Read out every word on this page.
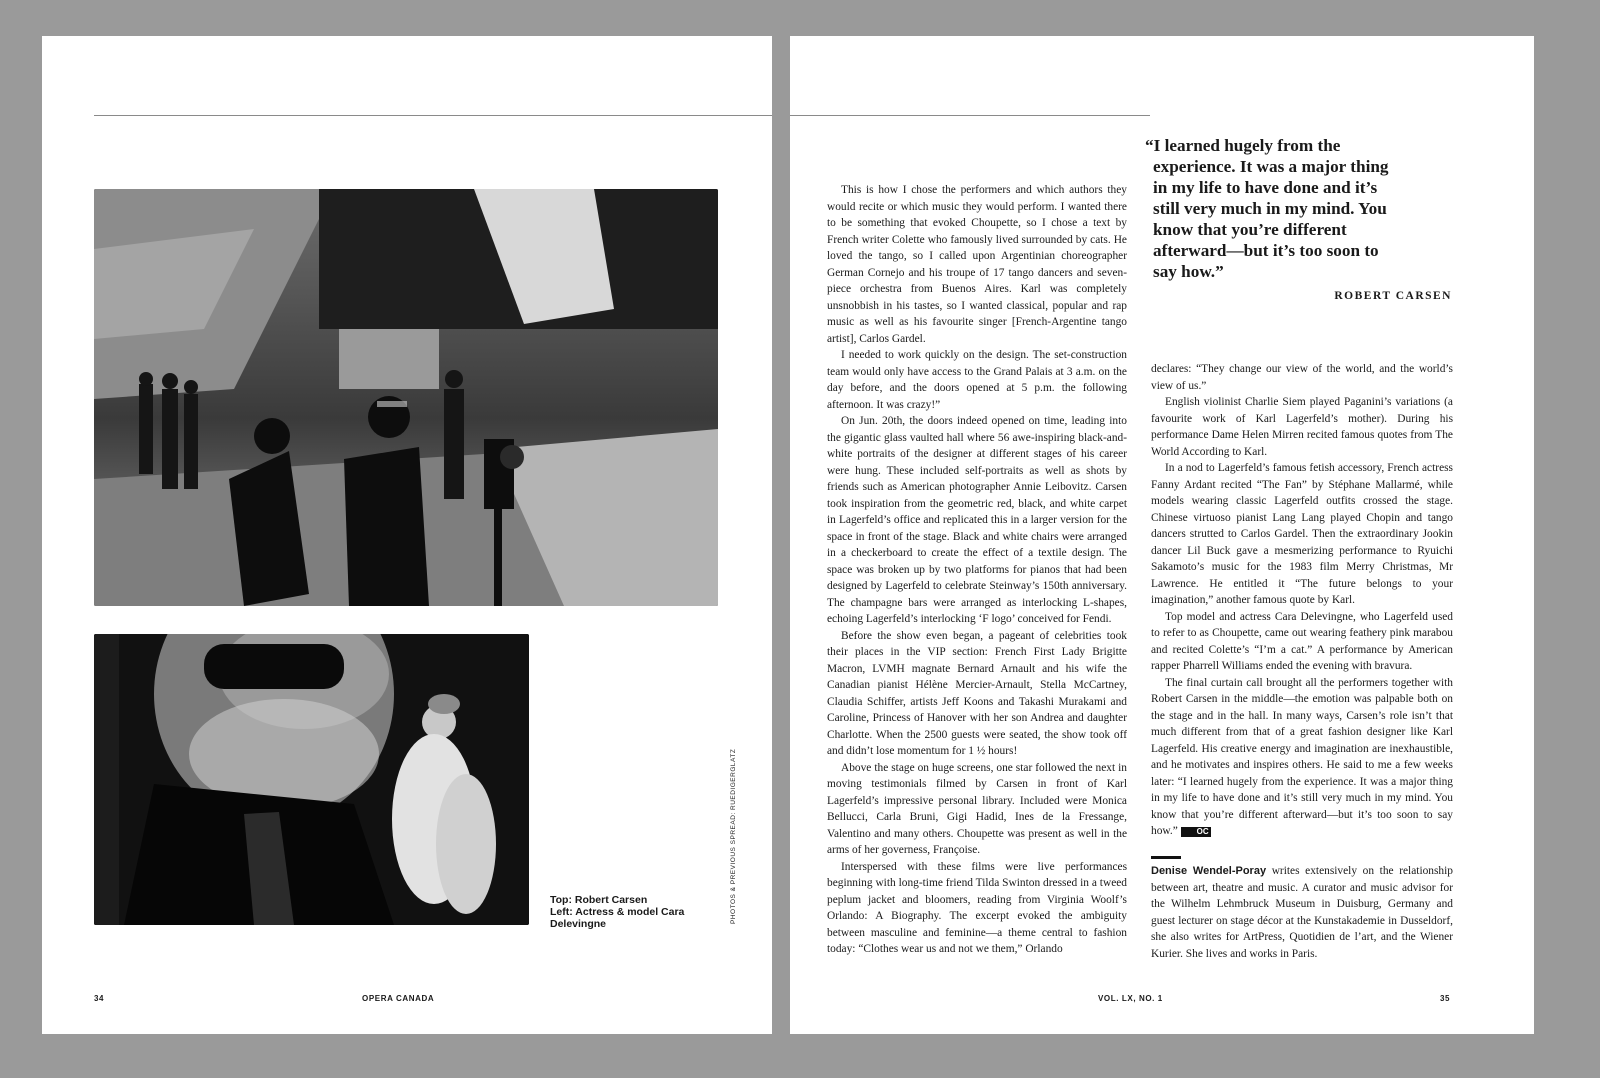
Top: Robert Carsen
Left: Actress & model Cara Delevingne	PHOTOS & PREVIOUS SPREAD: RUEDIGERGLATZ
34	OPERA CANADA
“I learned hugely from the experience. It was a major thing in my life to have done and it’s still very much in my mind. You know that you’re different afterward—but it’s too soon to say how.”
ROBERT CARSEN

This is how I chose the performers and which authors they would recite or which music they would perform. I wanted there to be something that evoked Choupette, so I chose a text by French writer Colette who famously lived surrounded by cats. He loved the tango, so I called upon Argentinian choreographer German Cornejo and his troupe of 17 tango dancers and seven-piece orchestra from Buenos Aires. Karl was completely unsnobbish in his tastes, so I wanted classical, popular and rap music as well as his favourite singer [French-Argentine tango artist], Carlos Gardel.

I needed to work quickly on the design. The set-construction team would only have access to the Grand Palais at 3 a.m. on the day before, and the doors opened at 5 p.m. the following afternoon. It was crazy!”

On Jun. 20th, the doors indeed opened on time, leading into the gigantic glass vaulted hall where 56 awe-inspiring black-and-white portraits of the designer at different stages of his career were hung. These included self-portraits as well as shots by friends such as American photographer Annie Leibovitz. Carsen took inspiration from the geometric red, black, and white carpet in Lagerfeld’s office and replicated this in a larger version for the space in front of the stage. Black and white chairs were arranged in a checkerboard to create the effect of a textile design. The space was broken up by two platforms for pianos that had been designed by Lagerfeld to celebrate Steinway’s 150th anniversary. The champagne bars were arranged as interlocking L-shapes, echoing Lagerfeld’s interlocking ‘F logo’ conceived for Fendi.

Before the show even began, a pageant of celebrities took their places in the VIP section: French First Lady Brigitte Macron, LVMH magnate Bernard Arnault and his wife the Canadian pianist Hélène Mercier-Arnault, Stella McCartney, Claudia Schiffer, artists Jeff Koons and Takashi Murakami and Caroline, Princess of Hanover with her son Andrea and daughter Charlotte. When the 2500 guests were seated, the show took off and didn’t lose momentum for 1 ½ hours!

Above the stage on huge screens, one star followed the next in moving testimonials filmed by Carsen in front of Karl Lagerfeld’s impressive personal library. Included were Monica Bellucci, Carla Bruni, Gigi Hadid, Ines de la Fressange, Valentino and many others. Choupette was present as well in the arms of her governess, Françoise.

Interspersed with these films were live performances beginning with long-time friend Tilda Swinton dressed in a tweed peplum jacket and bloomers, reading from Virginia Woolf’s Orlando: A Biography. The excerpt evoked the ambiguity between masculine and feminine—a theme central to fashion today: “Clothes wear us and not we them,” Orlando

declares: “They change our view of the world, and the world’s view of us.”

English violinist Charlie Siem played Paganini’s variations (a favourite work of Karl Lagerfeld’s mother). During his performance Dame Helen Mirren recited famous quotes from The World According to Karl.

In a nod to Lagerfeld’s famous fetish accessory, French actress Fanny Ardant recited “The Fan” by Stéphane Mallarmé, while models wearing classic Lagerfeld outfits crossed the stage. Chinese virtuoso pianist Lang Lang played Chopin and tango dancers strutted to Carlos Gardel. Then the extraordinary Jookin dancer Lil Buck gave a mesmerizing performance to Ryuichi Sakamoto’s music for the 1983 film Merry Christmas, Mr Lawrence. He entitled it “The future belongs to your imagination,” another famous quote by Karl.

Top model and actress Cara Delevingne, who Lagerfeld used to refer to as Choupette, came out wearing feathery pink marabou and recited Colette’s “I’m a cat.” A performance by American rapper Pharrell Williams ended the evening with bravura.

The final curtain call brought all the performers together with Robert Carsen in the middle—the emotion was palpable both on the stage and in the hall. In many ways, Carsen’s role isn’t that much different from that of a great fashion designer like Karl Lagerfeld. His creative energy and imagination are inexhaustible, and he motivates and inspires others. He said to me a few weeks later: “I learned hugely from the experience. It was a major thing in my life to have done and it’s still very much in my mind. You know that you’re different afterward—but it’s too soon to say how.” OC

Denise Wendel-Poray writes extensively on the relationship between art, theatre and music. A curator and music advisor for the Wilhelm Lehmbruck Museum in Duisburg, Germany and guest lecturer on stage décor at the Kunstakademie in Dusseldorf, she also writes for ArtPress, Quotidien de l’art, and the Wiener Kurier. She lives and works in Paris.

VOL. LX, NO. 1	35
